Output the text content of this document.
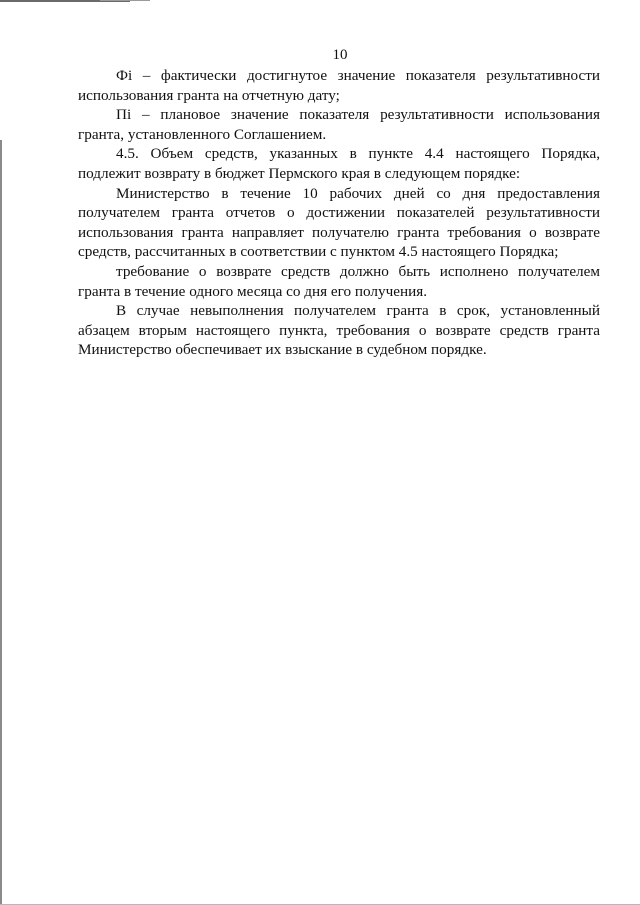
10

Фi – фактически достигнутое значение показателя результативности использования гранта на отчетную дату;

Пi – плановое значение показателя результативности использования гранта, установленного Соглашением.

4.5. Объем средств, указанных в пункте 4.4 настоящего Порядка, подлежит возврату в бюджет Пермского края в следующем порядке:

Министерство в течение 10 рабочих дней со дня предоставления получателем гранта отчетов о достижении показателей результативности использования гранта направляет получателю гранта требования о возврате средств, рассчитанных в соответствии с пунктом 4.5 настоящего Порядка;

требование о возврате средств должно быть исполнено получателем гранта в течение одного месяца со дня его получения.

В случае невыполнения получателем гранта в срок, установленный абзацем вторым настоящего пункта, требования о возврате средств гранта Министерство обеспечивает их взыскание в судебном порядке.
